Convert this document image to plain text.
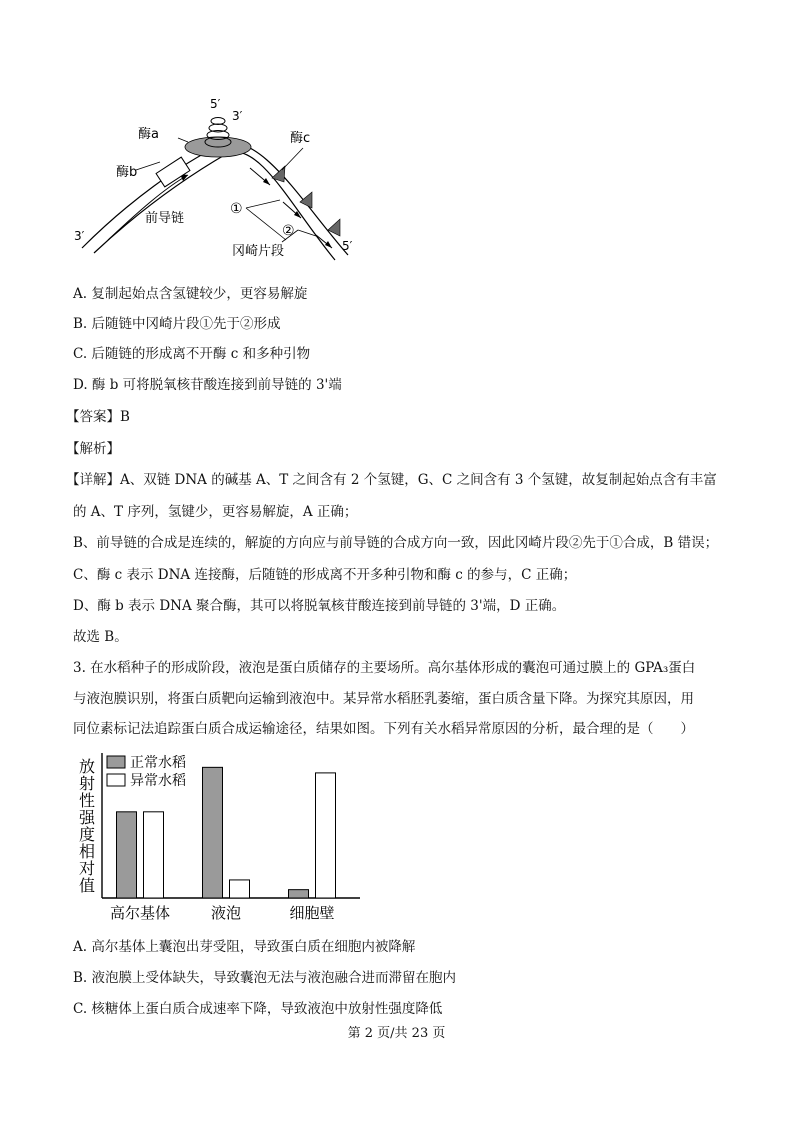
5′
3′
酶a
酶b
酶c
前导链
①
②
冈崎片段
3′
5′
A. 复制起始点含氢键较少，更容易解旋
B. 后随链中冈崎片段①先于②形成
C. 后随链的形成离不开酶 c 和多种引物
D. 酶 b 可将脱氧核苷酸连接到前导链的 3'端
【答案】B
【解析】
【详解】A、双链 DNA 的碱基 A、T 之间含有 2 个氢键，G、C 之间含有 3 个氢键，故复制起始点含有丰富
的 A、T 序列，氢键少，更容易解旋，A 正确；
B、前导链的合成是连续的，解旋的方向应与前导链的合成方向一致，因此冈崎片段②先于①合成，B 错误；
C、酶 c 表示 DNA 连接酶，后随链的形成离不开多种引物和酶 c 的参与，C 正确；
D、酶 b 表示 DNA 聚合酶，其可以将脱氧核苷酸连接到前导链的 3'端，D 正确。
故选 B。
3. 在水稻种子的形成阶段，液泡是蛋白质储存的主要场所。高尔基体形成的囊泡可通过膜上的 GPA₃蛋白
与液泡膜识别，将蛋白质靶向运输到液泡中。某异常水稻胚乳萎缩，蛋白质含量下降。为探究其原因，用
同位素标记法追踪蛋白质合成运输途径，结果如图。下列有关水稻异常原因的分析，最合理的是（　　）
放射性强度相对值
高尔基体	液泡	细胞壁
正常水稻
异常水稻
A. 高尔基体上囊泡出芽受阻，导致蛋白质在细胞内被降解
B. 液泡膜上受体缺失，导致囊泡无法与液泡融合进而滞留在胞内
C. 核糖体上蛋白质合成速率下降，导致液泡中放射性强度降低
第 2 页/共 23 页
